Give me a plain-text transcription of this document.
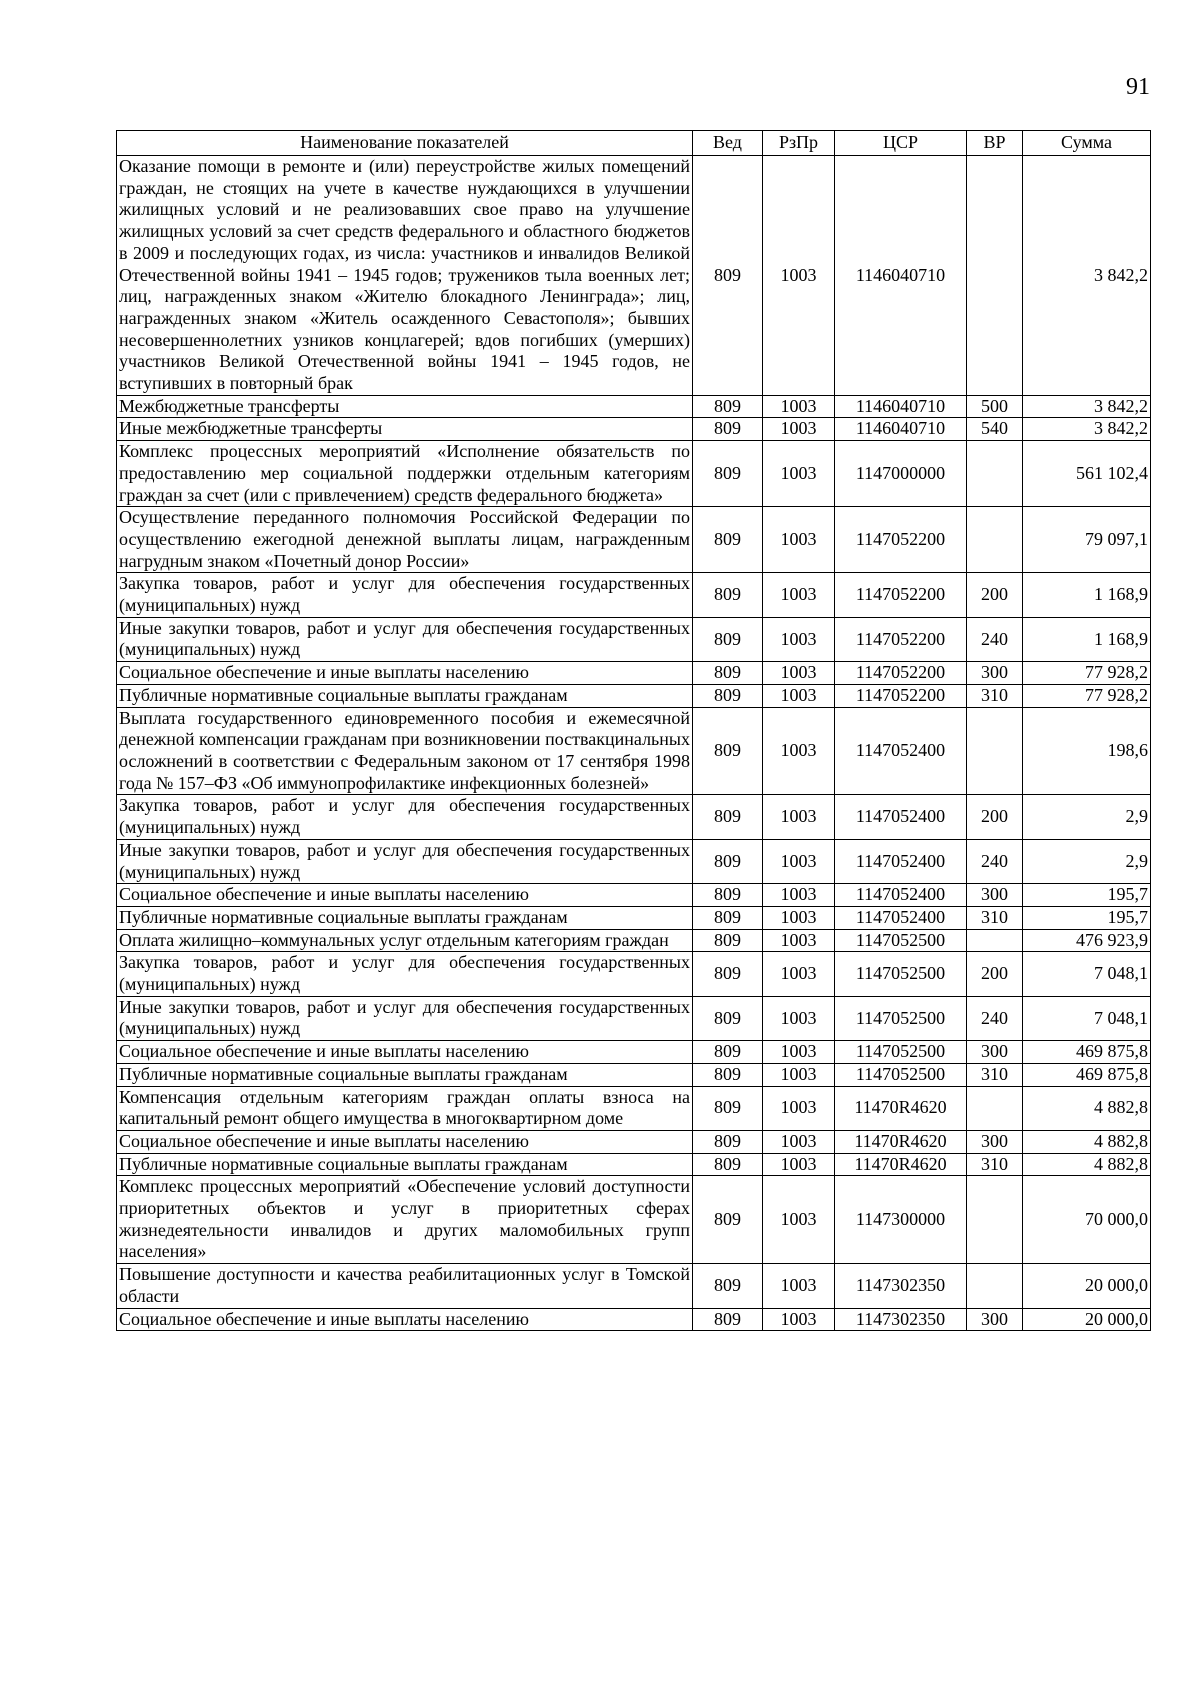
91
Наименование показателей	Вед	РзПр	ЦСР	ВР	Сумма
Оказание помощи в ремонте и (или) переустройстве жилых помещений граждан, не стоящих на учете в качестве нуждающихся в улучшении жилищных условий и не реализовавших свое право на улучшение жилищных условий за счет средств федерального и областного бюджетов в 2009 и последующих годах, из числа: участников и инвалидов Великой Отечественной войны 1941 – 1945 годов; тружеников тыла военных лет; лиц, награжденных знаком «Жителю блокадного Ленинграда»; лиц, награжденных знаком «Житель осажденного Севастополя»; бывших несовершеннолетних узников концлагерей; вдов погибших (умерших) участников Великой Отечественной войны 1941 – 1945 годов, не вступивших в повторный брак	809	1003	1146040710		3 842,2
Межбюджетные трансферты	809	1003	1146040710	500	3 842,2
Иные межбюджетные трансферты	809	1003	1146040710	540	3 842,2
Комплекс процессных мероприятий «Исполнение обязательств по предоставлению мер социальной поддержки отдельным категориям граждан за счет (или с привлечением) средств федерального бюджета»	809	1003	1147000000		561 102,4
Осуществление переданного полномочия Российской Федерации по осуществлению ежегодной денежной выплаты лицам, награжденным нагрудным знаком «Почетный донор России»	809	1003	1147052200		79 097,1
Закупка товаров, работ и услуг для обеспечения государственных (муниципальных) нужд	809	1003	1147052200	200	1 168,9
Иные закупки товаров, работ и услуг для обеспечения государственных (муниципальных) нужд	809	1003	1147052200	240	1 168,9
Социальное обеспечение и иные выплаты населению	809	1003	1147052200	300	77 928,2
Публичные нормативные социальные выплаты гражданам	809	1003	1147052200	310	77 928,2
Выплата государственного единовременного пособия и ежемесячной денежной компенсации гражданам при возникновении поствакцинальных осложнений в соответствии с Федеральным законом от 17 сентября 1998 года № 157–ФЗ «Об иммунопрофилактике инфекционных болезней»	809	1003	1147052400		198,6
Закупка товаров, работ и услуг для обеспечения государственных (муниципальных) нужд	809	1003	1147052400	200	2,9
Иные закупки товаров, работ и услуг для обеспечения государственных (муниципальных) нужд	809	1003	1147052400	240	2,9
Социальное обеспечение и иные выплаты населению	809	1003	1147052400	300	195,7
Публичные нормативные социальные выплаты гражданам	809	1003	1147052400	310	195,7
Оплата жилищно–коммунальных услуг отдельным категориям граждан	809	1003	1147052500		476 923,9
Закупка товаров, работ и услуг для обеспечения государственных (муниципальных) нужд	809	1003	1147052500	200	7 048,1
Иные закупки товаров, работ и услуг для обеспечения государственных (муниципальных) нужд	809	1003	1147052500	240	7 048,1
Социальное обеспечение и иные выплаты населению	809	1003	1147052500	300	469 875,8
Публичные нормативные социальные выплаты гражданам	809	1003	1147052500	310	469 875,8
Компенсация отдельным категориям граждан оплаты взноса на капитальный ремонт общего имущества в многоквартирном доме	809	1003	11470R4620		4 882,8
Социальное обеспечение и иные выплаты населению	809	1003	11470R4620	300	4 882,8
Публичные нормативные социальные выплаты гражданам	809	1003	11470R4620	310	4 882,8
Комплекс процессных мероприятий «Обеспечение условий доступности приоритетных объектов и услуг в приоритетных сферах жизнедеятельности инвалидов и других маломобильных групп населения»	809	1003	1147300000		70 000,0
Повышение доступности и качества реабилитационных услуг в Томской области	809	1003	1147302350		20 000,0
Социальное обеспечение и иные выплаты населению	809	1003	1147302350	300	20 000,0
